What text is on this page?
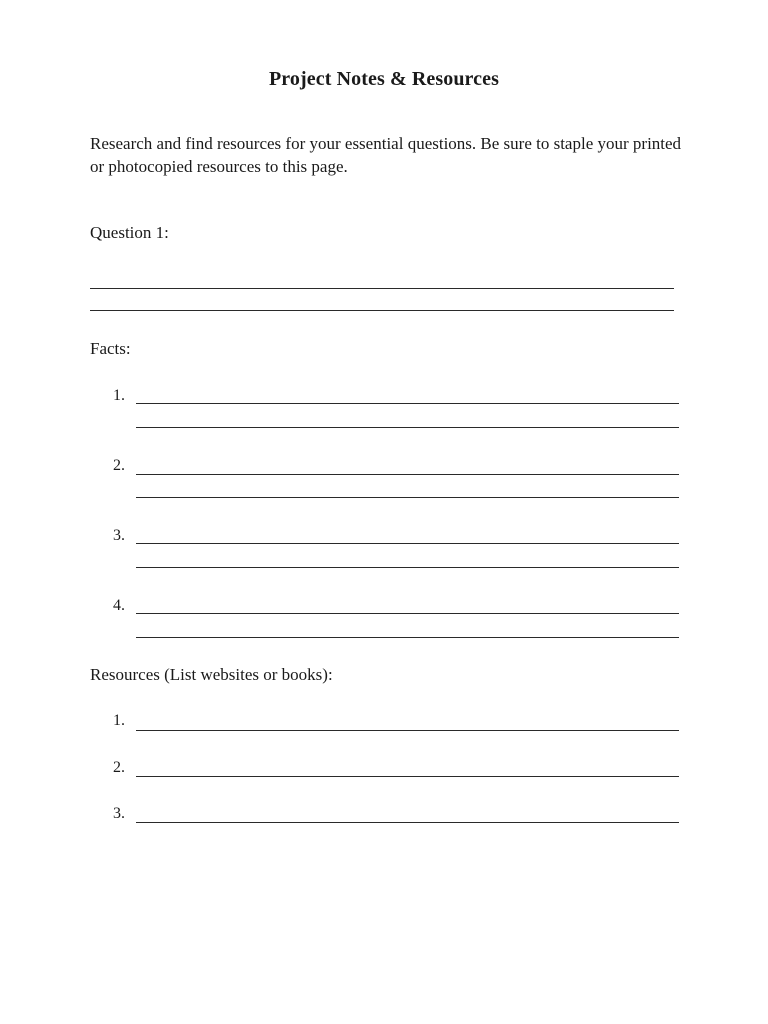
Project Notes & Resources
Research and find resources for your essential questions. Be sure to staple your printed or photocopied resources to this page.
Question 1:
Facts:
1.
2.
3.
4.
Resources (List websites or books):
1.
2.
3.
